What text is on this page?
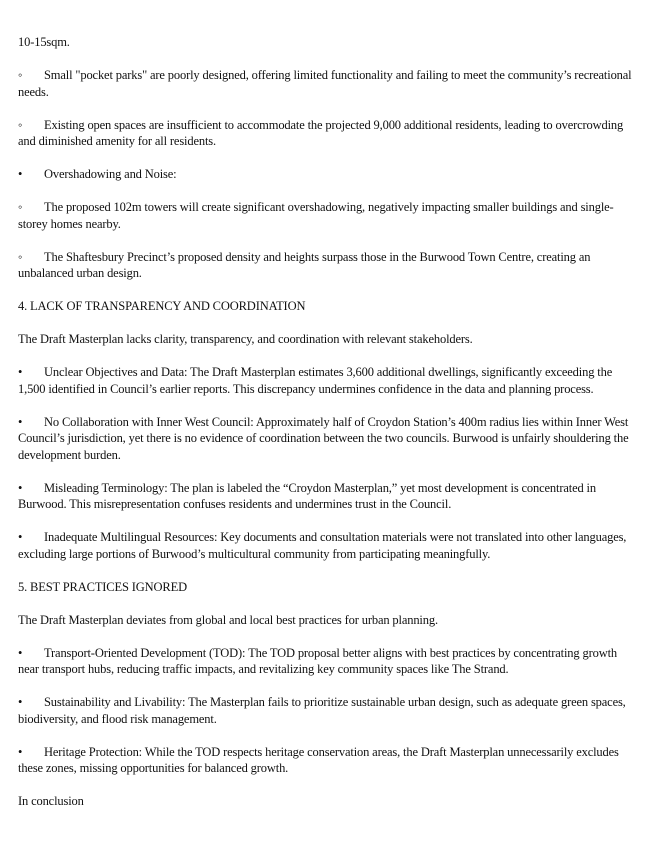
10-15sqm.

◦ Small "pocket parks" are poorly designed, offering limited functionality and failing to meet the community’s recreational needs.

◦ Existing open spaces are insufficient to accommodate the projected 9,000 additional residents, leading to overcrowding and diminished amenity for all residents.

• Overshadowing and Noise:

◦ The proposed 102m towers will create significant overshadowing, negatively impacting smaller buildings and single-storey homes nearby.

◦ The Shaftesbury Precinct’s proposed density and heights surpass those in the Burwood Town Centre, creating an unbalanced urban design.

4. LACK OF TRANSPARENCY AND COORDINATION

The Draft Masterplan lacks clarity, transparency, and coordination with relevant stakeholders.

• Unclear Objectives and Data: The Draft Masterplan estimates 3,600 additional dwellings, significantly exceeding the 1,500 identified in Council’s earlier reports. This discrepancy undermines confidence in the data and planning process.

• No Collaboration with Inner West Council: Approximately half of Croydon Station’s 400m radius lies within Inner West Council’s jurisdiction, yet there is no evidence of coordination between the two councils. Burwood is unfairly shouldering the development burden.

• Misleading Terminology: The plan is labeled the “Croydon Masterplan,” yet most development is concentrated in Burwood. This misrepresentation confuses residents and undermines trust in the Council.

• Inadequate Multilingual Resources: Key documents and consultation materials were not translated into other languages, excluding large portions of Burwood’s multicultural community from participating meaningfully.

5. BEST PRACTICES IGNORED

The Draft Masterplan deviates from global and local best practices for urban planning.

• Transport-Oriented Development (TOD): The TOD proposal better aligns with best practices by concentrating growth near transport hubs, reducing traffic impacts, and revitalizing key community spaces like The Strand.

• Sustainability and Livability: The Masterplan fails to prioritize sustainable urban design, such as adequate green spaces, biodiversity, and flood risk management.

• Heritage Protection: While the TOD respects heritage conservation areas, the Draft Masterplan unnecessarily excludes these zones, missing opportunities for balanced growth.

In conclusion
